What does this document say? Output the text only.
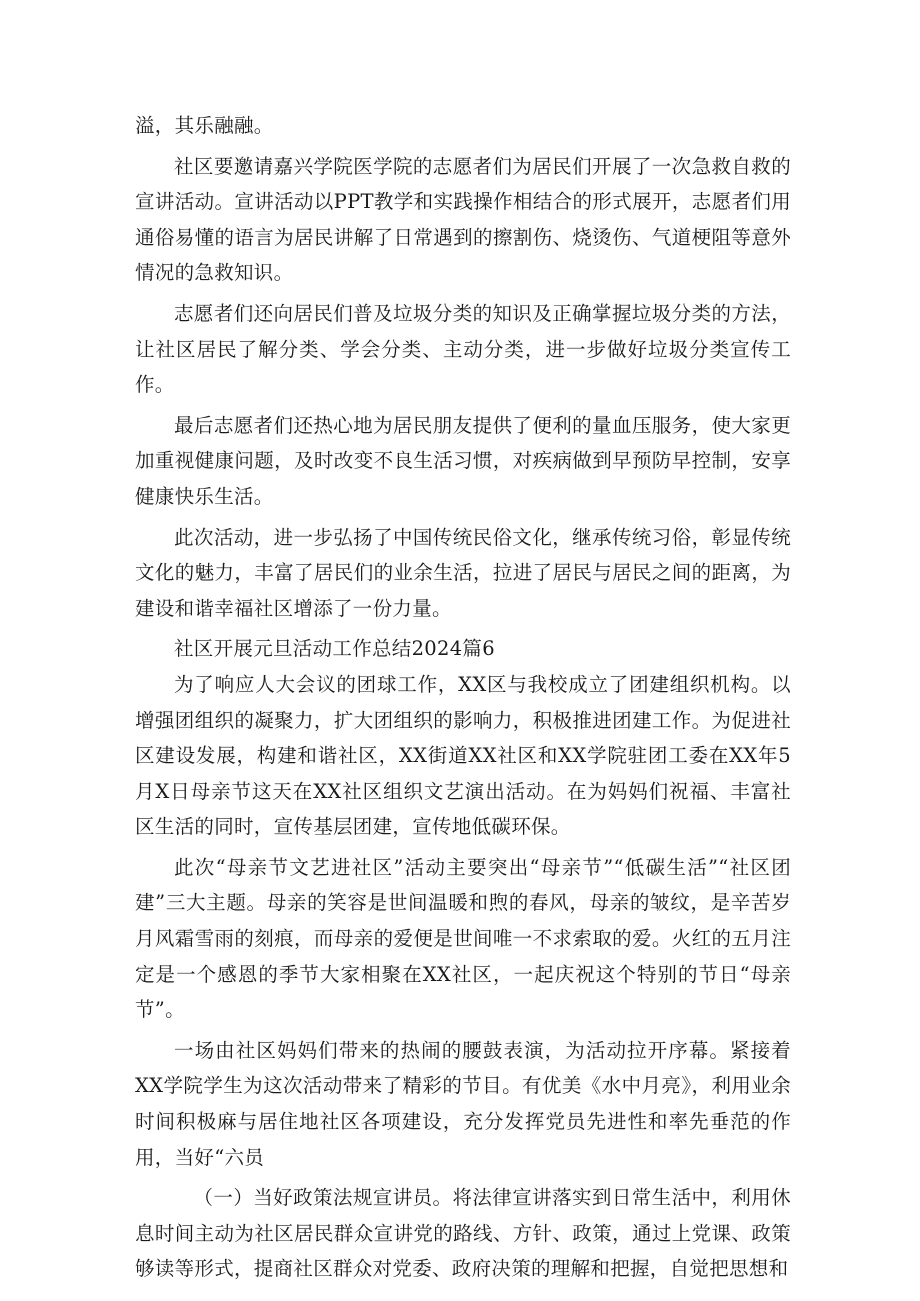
溢，其乐融融。

社区要邀请嘉兴学院医学院的志愿者们为居民们开展了一次急救自救的宣讲活动。宣讲活动以PPT教学和实践操作相结合的形式展开，志愿者们用通俗易懂的语言为居民讲解了日常遇到的擦割伤、烧烫伤、气道梗阻等意外情况的急救知识。

志愿者们还向居民们普及垃圾分类的知识及正确掌握垃圾分类的方法，让社区居民了解分类、学会分类、主动分类，进一步做好垃圾分类宣传工作。

最后志愿者们还热心地为居民朋友提供了便利的量血压服务，使大家更加重视健康问题，及时改变不良生活习惯，对疾病做到早预防早控制，安享健康快乐生活。

此次活动，进一步弘扬了中国传统民俗文化，继承传统习俗，彰显传统文化的魅力，丰富了居民们的业余生活，拉进了居民与居民之间的距离，为建设和谐幸福社区增添了一份力量。

社区开展元旦活动工作总结2024篇6

为了响应人大会议的团球工作，XX区与我校成立了团建组织机构。以增强团组织的凝聚力，扩大团组织的影响力，积极推进团建工作。为促进社区建设发展，构建和谐社区，XX街道XX社区和XX学院驻团工委在XX年5月X日母亲节这天在XX社区组织文艺演出活动。在为妈妈们祝福、丰富社区生活的同时，宣传基层团建，宣传地低碳环保。

此次“母亲节文艺进社区”活动主要突出“母亲节”“低碳生活”“社区团建”三大主题。母亲的笑容是世间温暖和煦的春风，母亲的皱纹，是辛苦岁月风霜雪雨的刻痕，而母亲的爱便是世间唯一不求索取的爱。火红的五月注定是一个感恩的季节大家相聚在XX社区，一起庆祝这个特别的节日“母亲节”。

一场由社区妈妈们带来的热闹的腰鼓表演，为活动拉开序幕。紧接着XX学院学生为这次活动带来了精彩的节目。有优美《水中月亮》，利用业余时间积极麻与居住地社区各项建设，充分发挥党员先进性和率先垂范的作用，当好“六员

（一）当好政策法规宣讲员。将法律宣讲落实到日常生活中，利用休息时间主动为社区居民群众宣讲党的路线、方针、政策，通过上党课、政策够读等形式，提商社区群众对党委、政府决策的理解和把握，自觉把思想和
